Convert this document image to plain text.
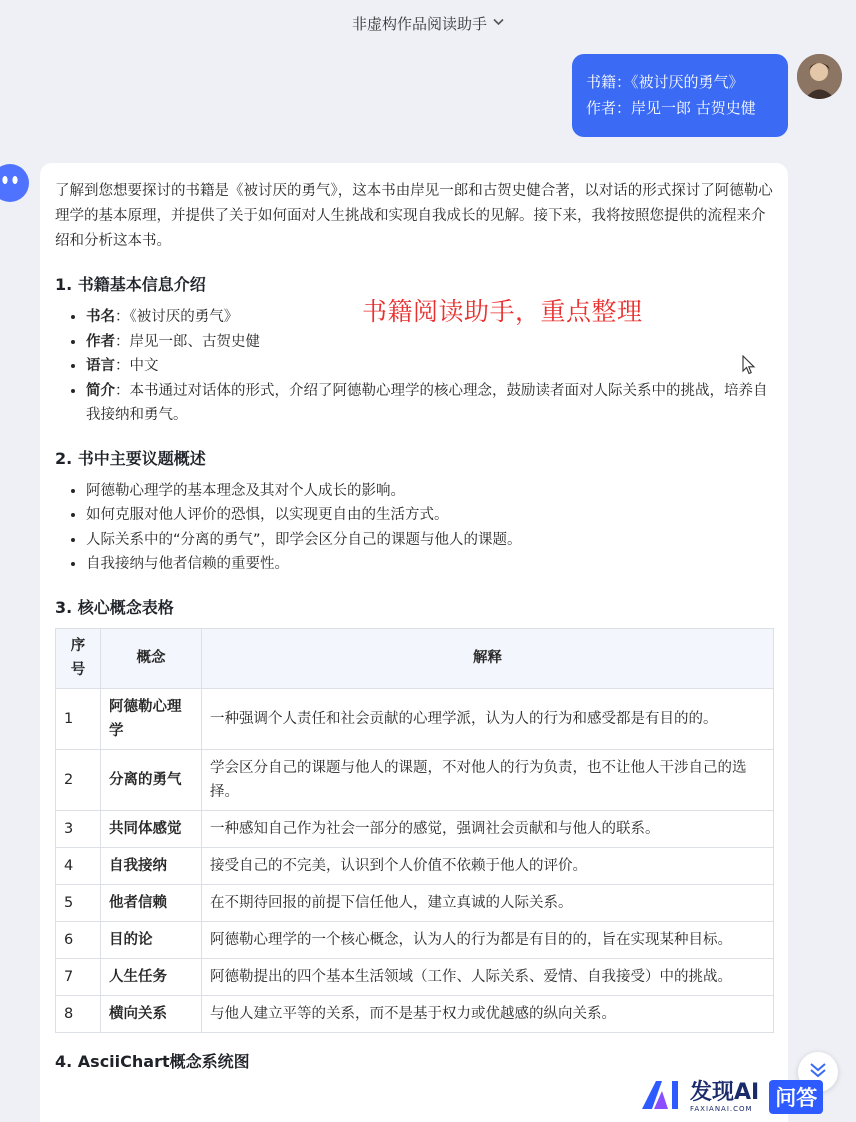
非虚构作品阅读助手
书籍：《被讨厌的勇气》
作者：岸见一郎 古贺史健

了解到您想要探讨的书籍是《被讨厌的勇气》，这本书由岸见一郎和古贺史健合著，以对话的形式探讨了阿德勒心理学的基本原理，并提供了关于如何面对人生挑战和实现自我成长的见解。接下来，我将按照您提供的流程来介绍和分析这本书。

1. 书籍基本信息介绍
• 书名：《被讨厌的勇气》
• 作者：岸见一郎、古贺史健
• 语言：中文
• 简介：本书通过对话体的形式，介绍了阿德勒心理学的核心理念，鼓励读者面对人际关系中的挑战，培养自我接纳和勇气。
2. 书中主要议题概述
• 阿德勒心理学的基本理念及其对个人成长的影响。
• 如何克服对他人评价的恐惧，以实现更自由的生活方式。
• 人际关系中的“分离的勇气”，即学会区分自己的课题与他人的课题。
• 自我接纳与他者信赖的重要性。
3. 核心概念表格
序号	概念	解释
1	阿德勒心理学	一种强调个人责任和社会贡献的心理学派，认为人的行为和感受都是有目的的。
2	分离的勇气	学会区分自己的课题与他人的课题，不对他人的行为负责，也不让他人干涉自己的选择。
3	共同体感觉	一种感知自己作为社会一部分的感觉，强调社会贡献和与他人的联系。
4	自我接纳	接受自己的不完美，认识到个人价值不依赖于他人的评价。
5	他者信赖	在不期待回报的前提下信任他人，建立真诚的人际关系。
6	目的论	阿德勒心理学的一个核心概念，认为人的行为都是有目的的，旨在实现某种目标。
7	人生任务	阿德勒提出的四个基本生活领域（工作、人际关系、爱情、自我接受）中的挑战。
8	横向关系	与他人建立平等的关系，而不是基于权力或优越感的纵向关系。
4. AsciiChart概念系统图
书籍阅读助手，重点整理
发现AI
FAXIANAI.COM	问答
